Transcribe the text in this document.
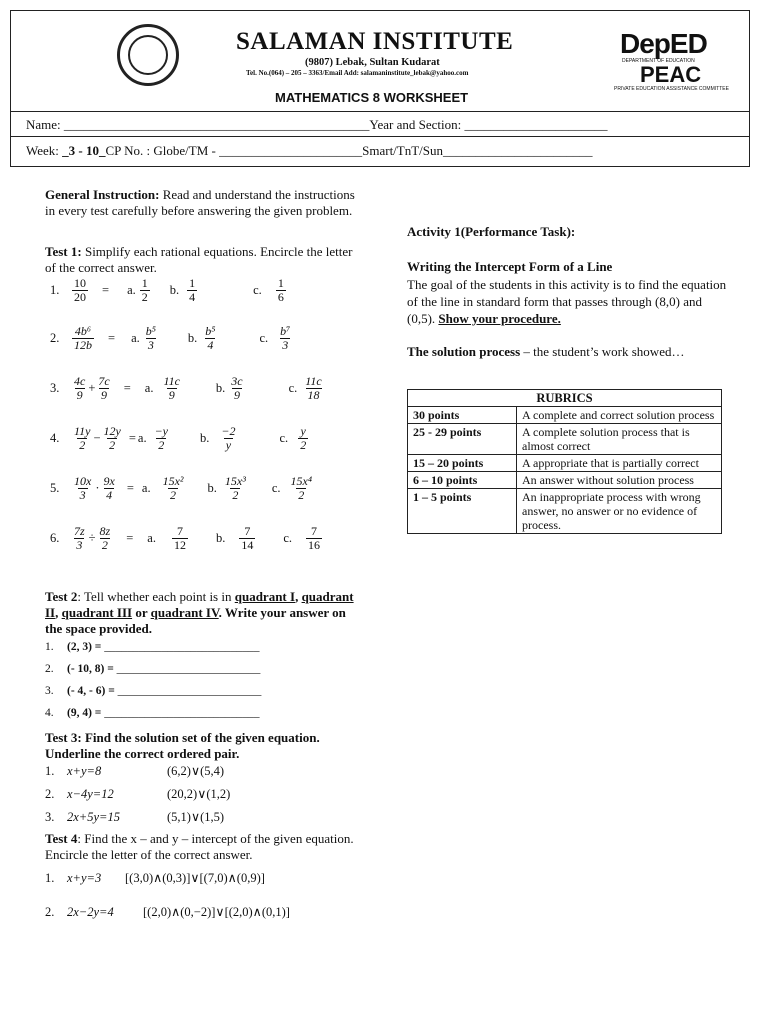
SALAMAN INSTITUTE
(9807) Lebak, Sultan Kudarat
Tel. No.(064) – 205 – 3363/Email Add: salamaninstitute_lebak@yahoo.com
MATHEMATICS 8 WORKSHEET
DepED
DEPARTMENT OF EDUCATION
PEAC
PRIVATE EDUCATION ASSISTANCE COMMITTEE
Name: _______________________________________________Year and Section: ______________________
Week: _3 - 10_CP No. : Globe/TM - ______________________Smart/TnT/Sun_______________________
General Instruction: Read and understand the instructions in every test carefully before answering the given problem.
Test 1: Simplify each rational equations. Encircle the letter of the correct answer.
1.	$\frac{10}{20} = a$. $\frac{1}{2} b$. $\frac{1}{4}$	c. $\frac{1}{6}$
2.	$\frac{\text{4b⁶}}{12b} = a$. $\frac{\text{b⁵}}{3} b$. $\frac{\text{b⁵}}{4}$	c. $\frac{\text{b⁷}}{3}$
3.	$\frac{4c}{9} + \frac{7c}{9} = a$. $\frac{11c}{9}$	b. $\frac{3c}{9}$	c. $\frac{11c}{18}$
4.	$\frac{11y}{2} - \frac{12y}{2} = a$. $\frac{-y}{2} b$. $\frac{-2}{y}$	c. $\frac{y}{2}$
5.	$\frac{10x}{3} \cdot \frac{9x}{4} = a$. $\frac{\text{15x²}}{2} b$. $\frac{\text{15x³}}{2} c$. $\frac{\text{15x⁴}}{2}$
6.	$\frac{7z}{3} \div \frac{8z}{2} = a$. $\frac{7}{12} b$. $\frac{7}{14} c$. $\frac{7}{16}$
Test 2: Tell whether each point is in quadrant I, quadrant II, quadrant III or quadrant IV. Write your answer on the space provided.
1. (2, 3) = ___________________________
2. (- 10, 8) = _________________________
3. (- 4, - 6) = _________________________
4. (9, 4) = ___________________________
Test 3: Find the solution set of the given equation. Underline the correct ordered pair.
1. x+y=8	(6,2)∨(5,4)
2. x−4y=12	(20,2)∨(1,2)
3. 2x+5y=15	(5,1)∨(1,5)
Test 4: Find the x – and y – intercept of the given equation. Encircle the letter of the correct answer.
1. x+y=3 [(3,0)∧(0,3)]∨[(7,0)∧(0,9)]
2. 2x−2y=4 [(2,0)∧(0,−2)]∨[(2,0)∧(0,1)]
Activity 1(Performance Task):
Writing the Intercept Form of a Line
The goal of the students in this activity is to find the equation of the line in standard form that passes through (8,0) and (0,5). Show your procedure.
The solution process – the student’s work showed…
RUBRICS	
30 points	A complete and correct solution process
25 - 29 points	A complete solution process that is almost correct
15 – 20 points	A appropriate that is partially correct
6 – 10 points	An answer without solution process
1 – 5 points	An inappropriate process with wrong answer, no answer or no evidence of process.
